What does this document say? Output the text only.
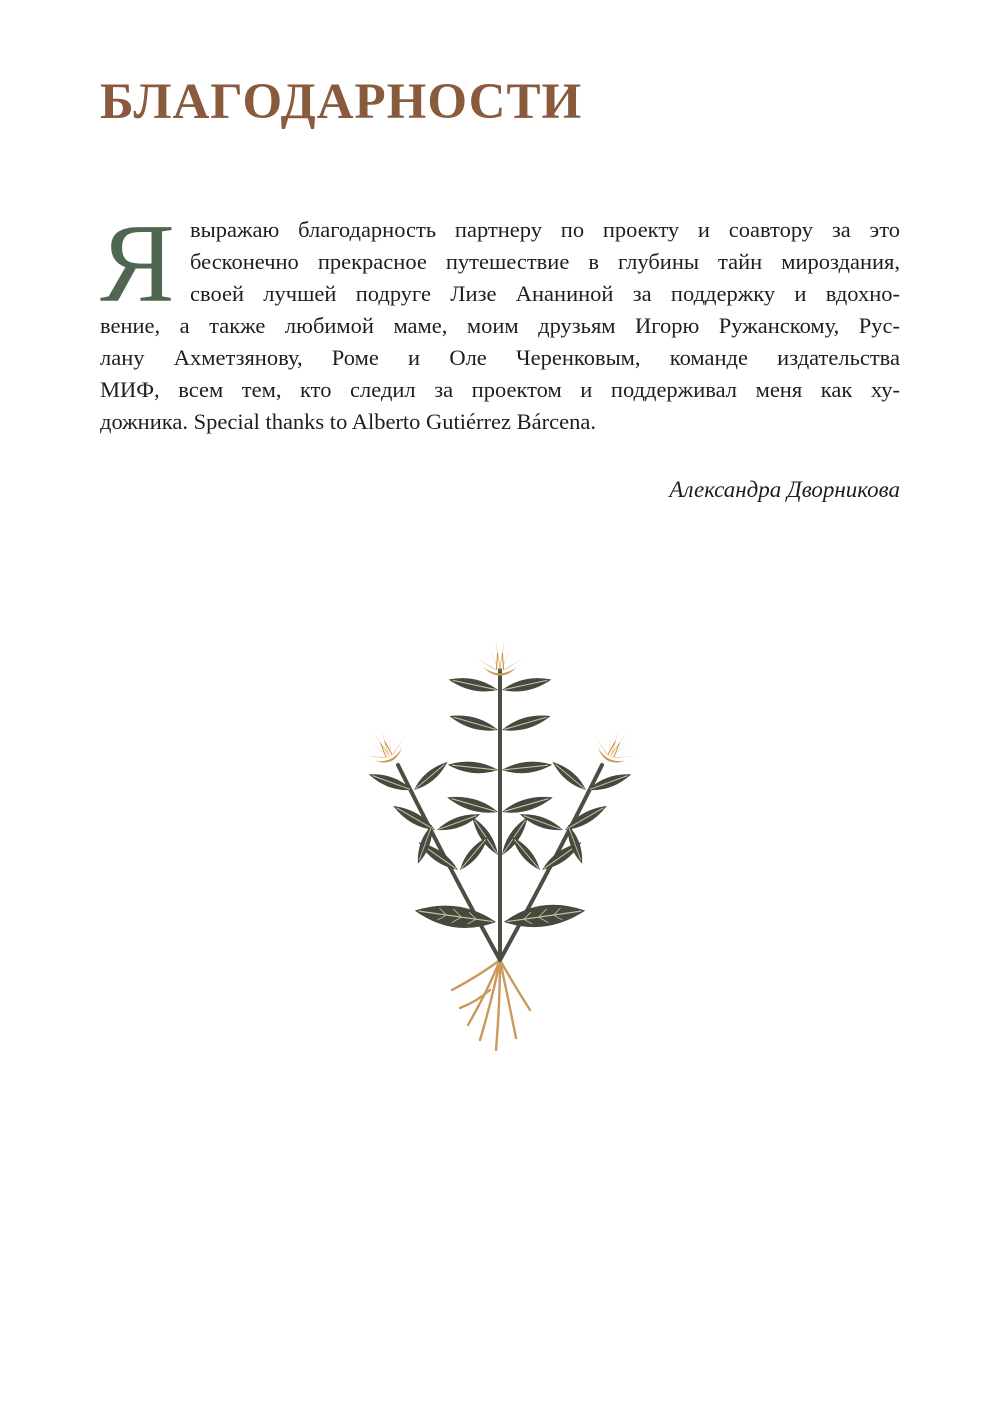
БЛАГОДАРНОСТИ
Я выражаю благодарность партнеру по проекту и соавтору за это
бесконечно прекрасное путешествие в глубины тайн мироздания,
своей лучшей подруге Лизе Ананиной за поддержку и вдохно-
вение, а также любимой маме, моим друзьям Игорю Ружанскому, Рус-
лану Ахметзянову, Роме и Оле Черенковым, команде издательства
МИФ, всем тем, кто следил за проектом и поддерживал меня как ху-
дожника. Special thanks to Alberto Gutiérrez Bárcena.

Александра Дворникова
